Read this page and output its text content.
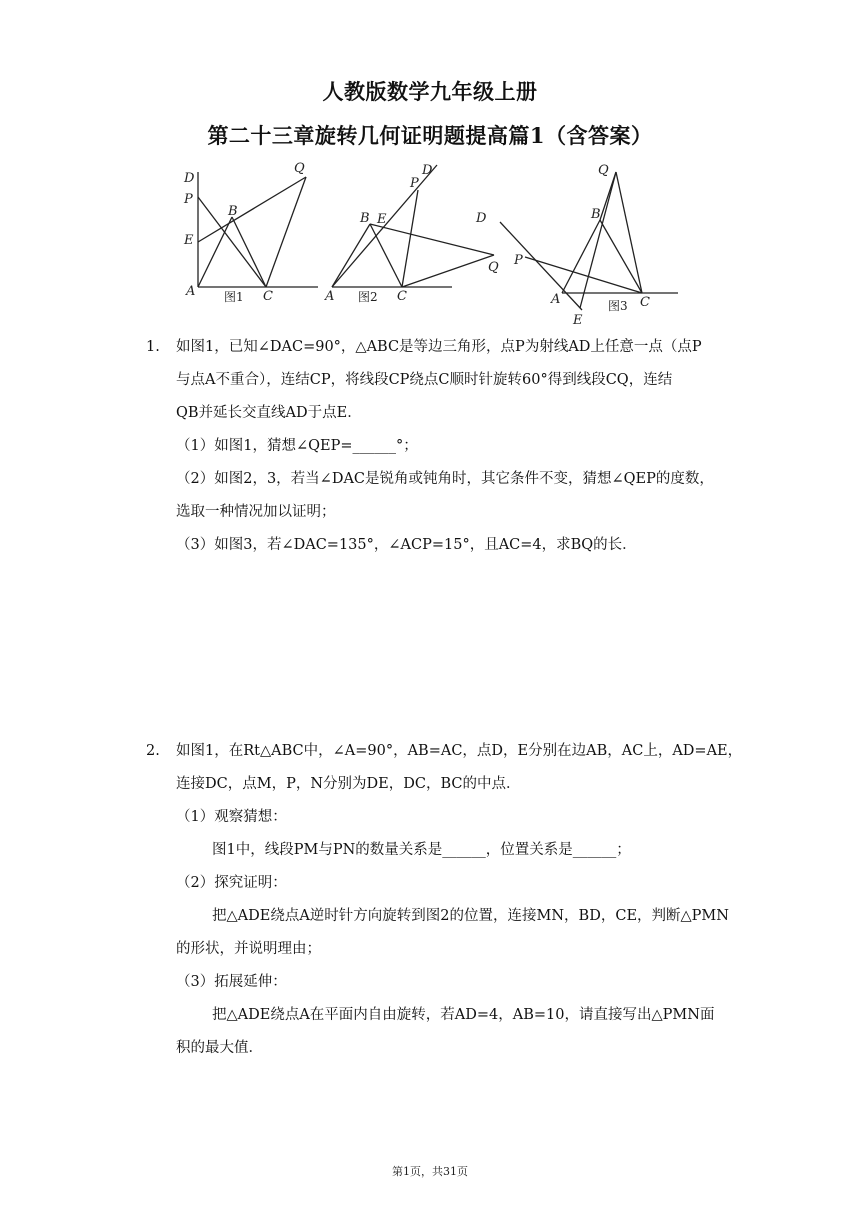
人教版数学九年级上册
第二十三章旋转几何证明题提高篇1（含答案）
D
P
E
A
B
C
Q
图1
D
P
B E
A	C
Q
图2
D
P
A
E
B
Q
C
图3
1. 如图1，已知∠DAC=90°，△ABC是等边三角形，点P为射线AD上任意一点（点P
与点A不重合），连结CP，将线段CP绕点C顺时针旋转60°得到线段CQ，连结
QB并延长交直线AD于点E．
（1）如图1，猜想∠QEP=______°；
（2）如图2，3，若当∠DAC是锐角或钝角时，其它条件不变，猜想∠QEP的度数，
选取一种情况加以证明；
（3）如图3，若∠DAC=135°，∠ACP=15°，且AC=4，求BQ的长．
2. 如图1，在Rt△ABC中，∠A=90°，AB=AC，点D，E分别在边AB，AC上，AD=AE，
连接DC，点M，P，N分别为DE，DC，BC的中点．
（1）观察猜想：
图1中，线段PM与PN的数量关系是______，位置关系是______；
（2）探究证明：
把△ADE绕点A逆时针方向旋转到图2的位置，连接MN，BD，CE，判断△PMN
的形状，并说明理由；
（3）拓展延伸：
把△ADE绕点A在平面内自由旋转，若AD=4，AB=10，请直接写出△PMN面
积的最大值．
第1页，共31页
